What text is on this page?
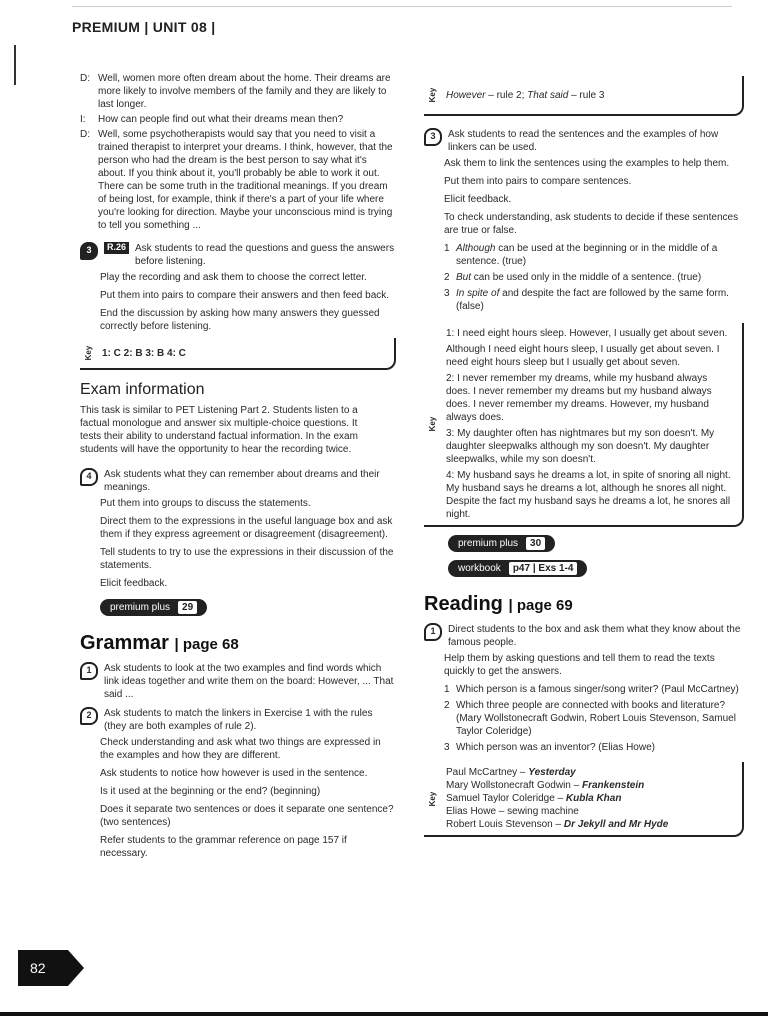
PREMIUM | UNIT 08 |
D: Well, women more often dream about the home. Their dreams are more likely to involve members of the family and they are likely to last longer.
I:	How can people find out what their dreams mean then?
D: Well, some psychotherapists would say that you need to visit a trained therapist to interpret your dreams. I think, however, that the person who had the dream is the best person to say what it's about. If you think about it, you'll probably be able to work it out. There can be some truth in the traditional meanings. If you dream of being lost, for example, think if there's a part of your life where you're looking for direction. Maybe your unconscious mind is trying to tell you something ...
3	R.26 Ask students to read the questions and guess the answers before listening.

Play the recording and ask them to choose the correct letter.

Put them into pairs to compare their answers and then feed back.

End the discussion by asking how many answers they guessed correctly before listening.

Key 1: C 2: B 3: B 4: C
Exam information

This task is similar to PET Listening Part 2. Students listen to a factual monologue and answer six multiple-choice questions. It tests their ability to understand factual information. In the exam students will have the opportunity to hear the recording twice.

4	Ask students what they can remember about dreams and their meanings.

Put them into groups to discuss the statements.

Direct them to the expressions in the useful language box and ask them if they express agreement or disagreement (disagreement).

Tell students to try to use the expressions in their discussion of the statements.

Elicit feedback.

premium plus	29
Grammar | page 68
1	Ask students to look at the two examples and find words which link ideas together and write them on the board: However, ... That said ...
2	Ask students to match the linkers in Exercise 1 with the rules (they are both examples of rule 2).

Check understanding and ask what two things are expressed in the examples and how they are different.

Ask students to notice how however is used in the sentence.

Is it used at the beginning or the end? (beginning)

Does it separate two sentences or does it separate one sentence? (two sentences)

Refer students to the grammar reference on page 157 if necessary.

Key However – rule 2; That said – rule 3
3	Ask students to read the sentences and the examples of how linkers can be used.

Ask them to link the sentences using the examples to help them.

Put them into pairs to compare sentences.

Elicit feedback.

To check understanding, ask students to decide if these sentences are true or false.

1 Although can be used at the beginning or in the middle of a sentence. (true)
2 But can be used only in the middle of a sentence. (true)
3 In spite of and despite the fact are followed by the same form. (false)
Key

1: I need eight hours sleep. However, I usually get about seven.

Although I need eight hours sleep, I usually get about seven. I need eight hours sleep but I usually get about seven.

2: I never remember my dreams, while my husband always does. I never remember my dreams but my husband always does. I never remember my dreams. However, my husband always does.

3: My daughter often has nightmares but my son doesn't. My daughter sleepwalks although my son doesn't. My daughter sleepwalks, while my son doesn't.

4: My husband says he dreams a lot, in spite of snoring all night. My husband says he dreams a lot, although he snores all night. Despite the fact my husband says he dreams a lot, he snores all night.

premium plus	30

workbook	p47 | Exs 1-4
Reading | page 69
1	Direct students to the box and ask them what they know about the famous people.

Help them by asking questions and tell them to read the texts quickly to get the answers.

1 Which person is a famous singer/song writer? (Paul McCartney)
2 Which three people are connected with books and literature? (Mary Wollstonecraft Godwin, Robert Louis Stevenson, Samuel Taylor Coleridge)
3 Which person was an inventor? (Elias Howe)
Key
Paul McCartney – Yesterday
Mary Wollstonecraft Godwin – Frankenstein
Samuel Taylor Coleridge – Kubla Khan
Elias Howe – sewing machine
Robert Louis Stevenson – Dr Jekyll and Mr Hyde
82
